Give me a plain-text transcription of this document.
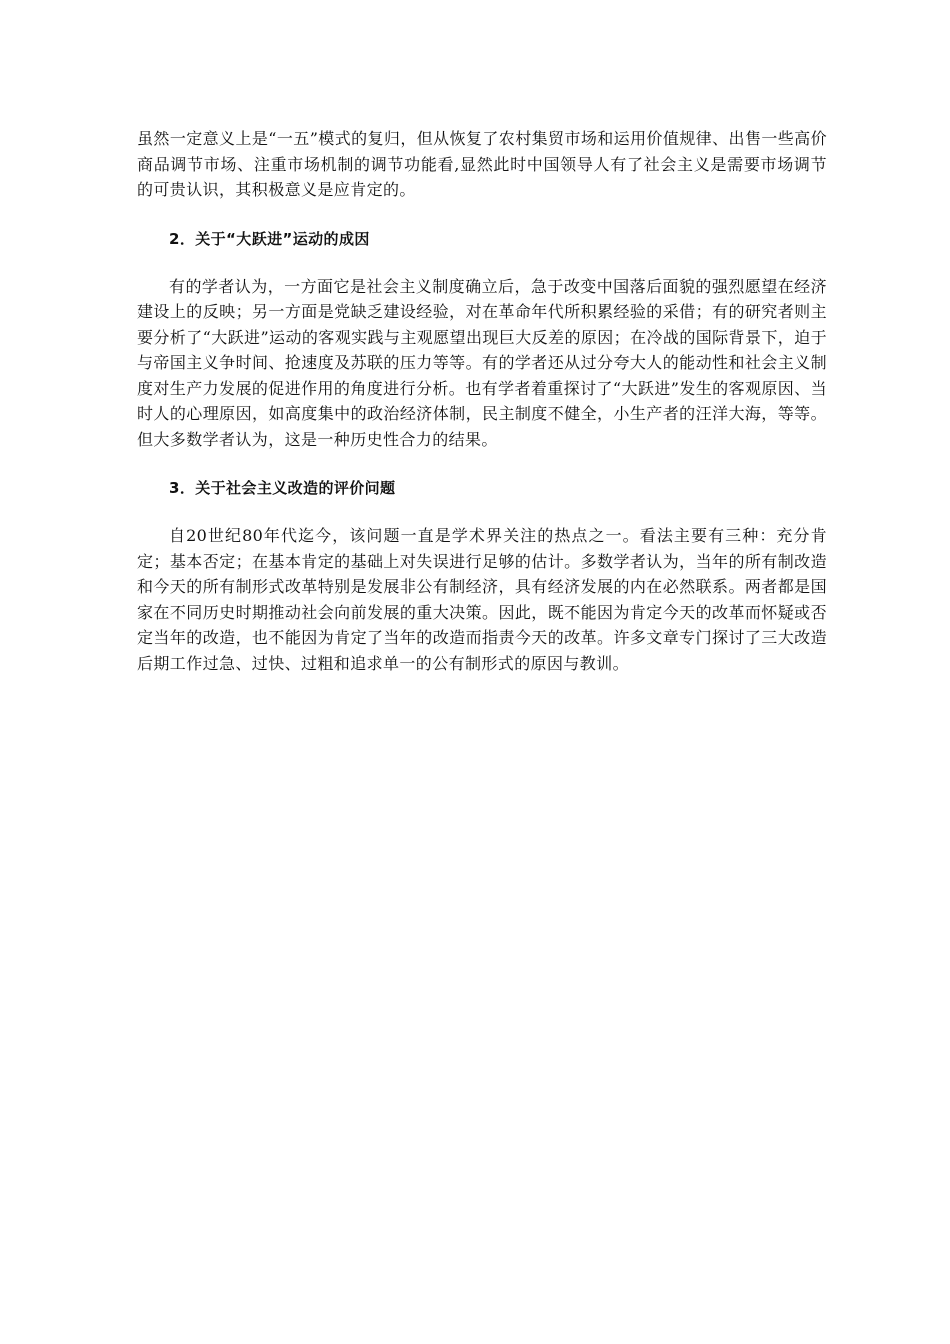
虽然一定意义上是“一五”模式的复归，但从恢复了农村集贸市场和运用价值规律、出售一些高价商品调节市场、注重市场机制的调节功能看,显然此时中国领导人有了社会主义是需要市场调节的可贵认识，其积极意义是应肯定的。

2．关于“大跃进”运动的成因

有的学者认为，一方面它是社会主义制度确立后，急于改变中国落后面貌的强烈愿望在经济建设上的反映；另一方面是党缺乏建设经验，对在革命年代所积累经验的采借；有的研究者则主要分析了“大跃进”运动的客观实践与主观愿望出现巨大反差的原因；在冷战的国际背景下，迫于与帝国主义争时间、抢速度及苏联的压力等等。有的学者还从过分夸大人的能动性和社会主义制度对生产力发展的促进作用的角度进行分析。也有学者着重探讨了“大跃进”发生的客观原因、当时人的心理原因，如高度集中的政治经济体制，民主制度不健全，小生产者的汪洋大海，等等。但大多数学者认为，这是一种历史性合力的结果。

3．关于社会主义改造的评价问题

自20世纪80年代迄今，该问题一直是学术界关注的热点之一。看法主要有三种：充分肯定；基本否定；在基本肯定的基础上对失误进行足够的估计。多数学者认为，当年的所有制改造和今天的所有制形式改革特别是发展非公有制经济，具有经济发展的内在必然联系。两者都是国家在不同历史时期推动社会向前发展的重大决策。因此，既不能因为肯定今天的改革而怀疑或否定当年的改造，也不能因为肯定了当年的改造而指责今天的改革。许多文章专门探讨了三大改造后期工作过急、过快、过粗和追求单一的公有制形式的原因与教训。
